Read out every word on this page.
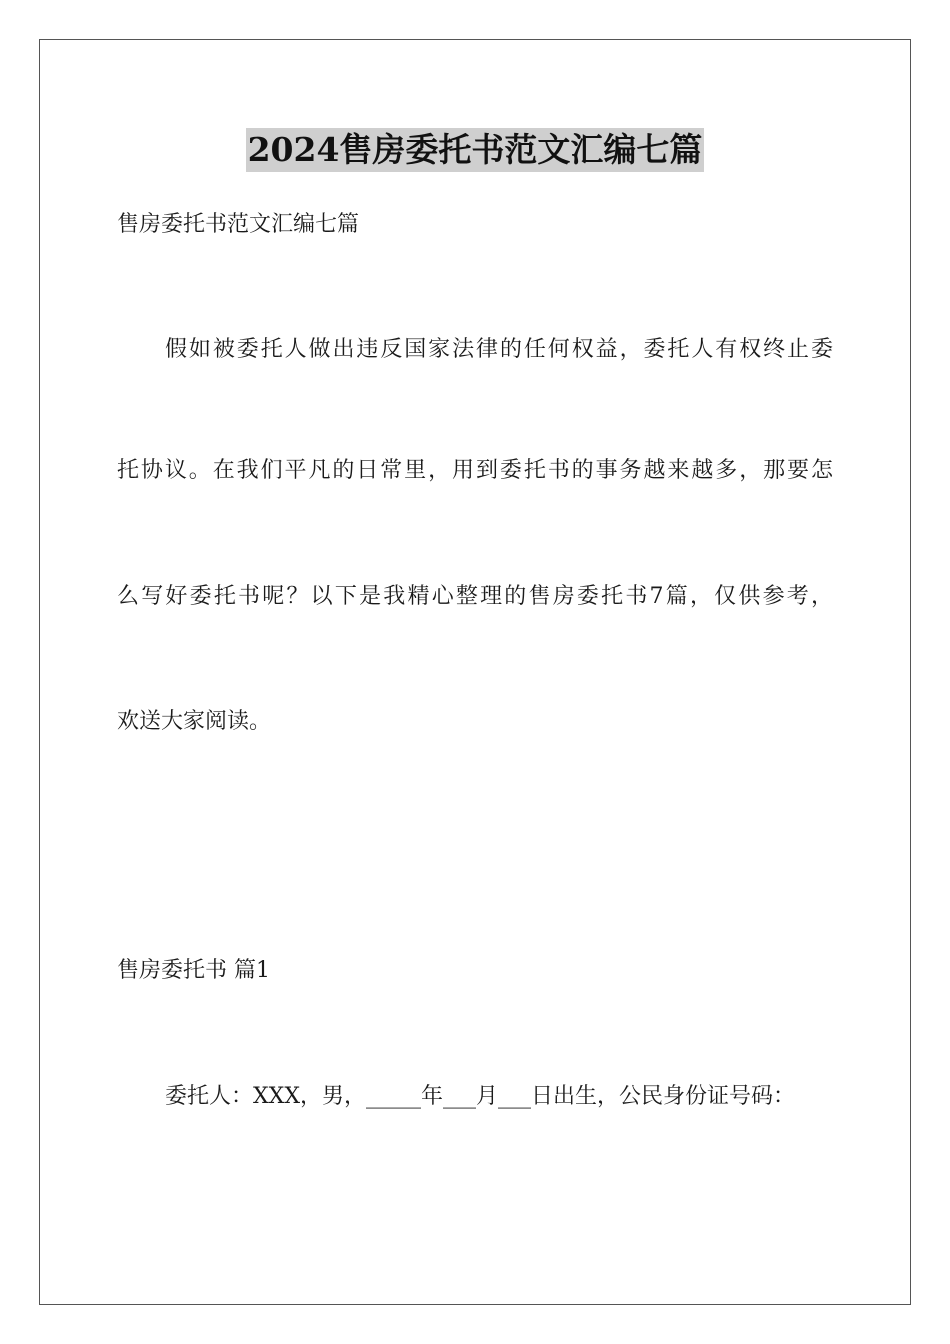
2024售房委托书范文汇编七篇

售房委托书范文汇编七篇

假如被委托人做出违反国家法律的任何权益，委托人有权终止委

托协议。在我们平凡的日常里，用到委托书的事务越来越多，那要怎

么写好委托书呢？以下是我精心整理的售房委托书7篇，仅供参考，

欢送大家阅读。

售房委托书 篇1

委托人：XXX，男，_____年___月___日出生，公民身份证号码：
